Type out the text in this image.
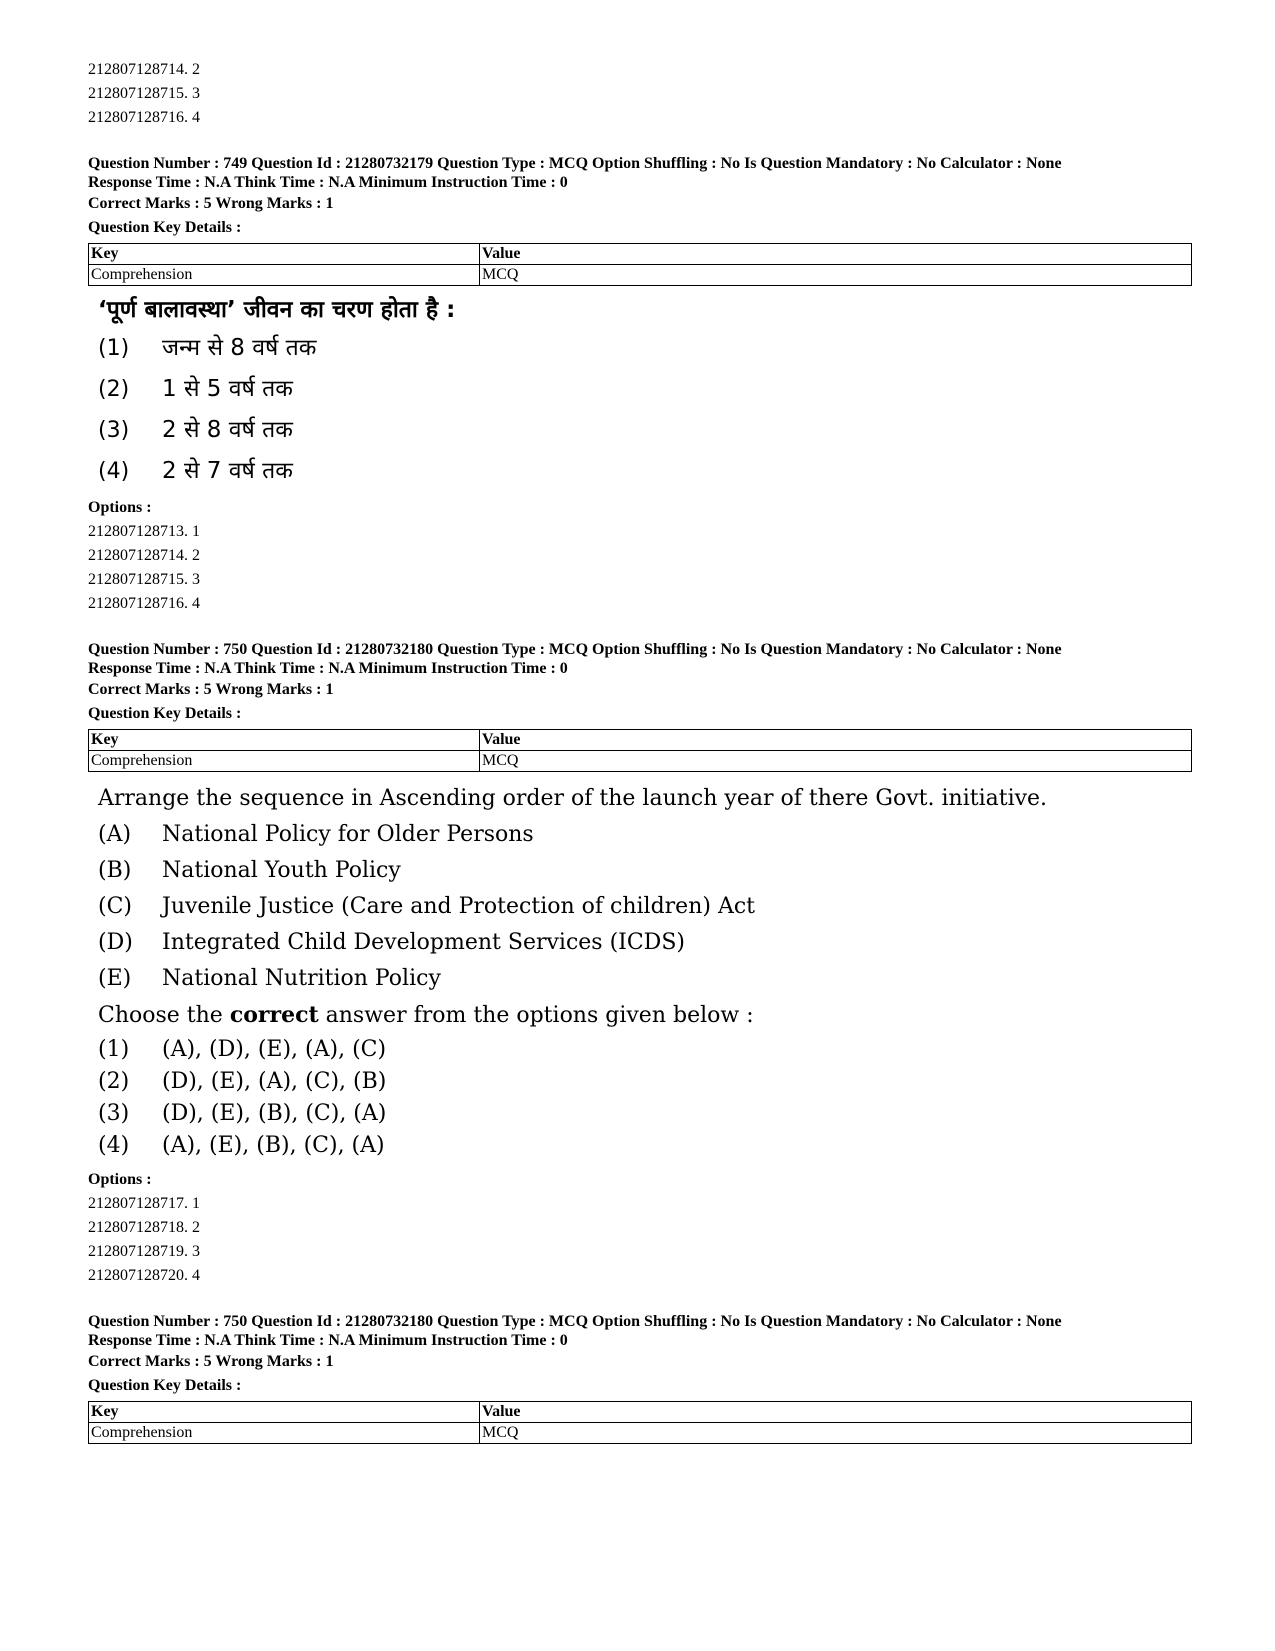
212807128714. 2
212807128715. 3
212807128716. 4
Question Number : 749 Question Id : 21280732179 Question Type : MCQ Option Shuffling : No Is Question Mandatory : No Calculator : None
Response Time : N.A Think Time : N.A Minimum Instruction Time : 0
Correct Marks : 5 Wrong Marks : 1
Question Key Details :
Key	Value
Comprehension	MCQ
‘पूर्ण बालावस्था’ जीवन का चरण होता है :
(1)	जन्म से 8 वर्ष तक
(2)	1 से 5 वर्ष तक
(3)	2 से 8 वर्ष तक
(4)	2 से 7 वर्ष तक
Options :
212807128713. 1
212807128714. 2
212807128715. 3
212807128716. 4
Question Number : 750 Question Id : 21280732180 Question Type : MCQ Option Shuffling : No Is Question Mandatory : No Calculator : None
Response Time : N.A Think Time : N.A Minimum Instruction Time : 0
Correct Marks : 5 Wrong Marks : 1
Question Key Details :
Key	Value
Comprehension	MCQ
Arrange the sequence in Ascending order of the launch year of there Govt. initiative.
(A)	National Policy for Older Persons
(B)	National Youth Policy
(C)	Juvenile Justice (Care and Protection of children) Act
(D)	Integrated Child Development Services (ICDS)
(E)	National Nutrition Policy
Choose the correct answer from the options given below :
(1)	(A), (D), (E), (A), (C)
(2)	(D), (E), (A), (C), (B)
(3)	(D), (E), (B), (C), (A)
(4)	(A), (E), (B), (C), (A)
Options :
212807128717. 1
212807128718. 2
212807128719. 3
212807128720. 4
Question Number : 750 Question Id : 21280732180 Question Type : MCQ Option Shuffling : No Is Question Mandatory : No Calculator : None
Response Time : N.A Think Time : N.A Minimum Instruction Time : 0
Correct Marks : 5 Wrong Marks : 1
Question Key Details :
Key	Value
Comprehension	MCQ
